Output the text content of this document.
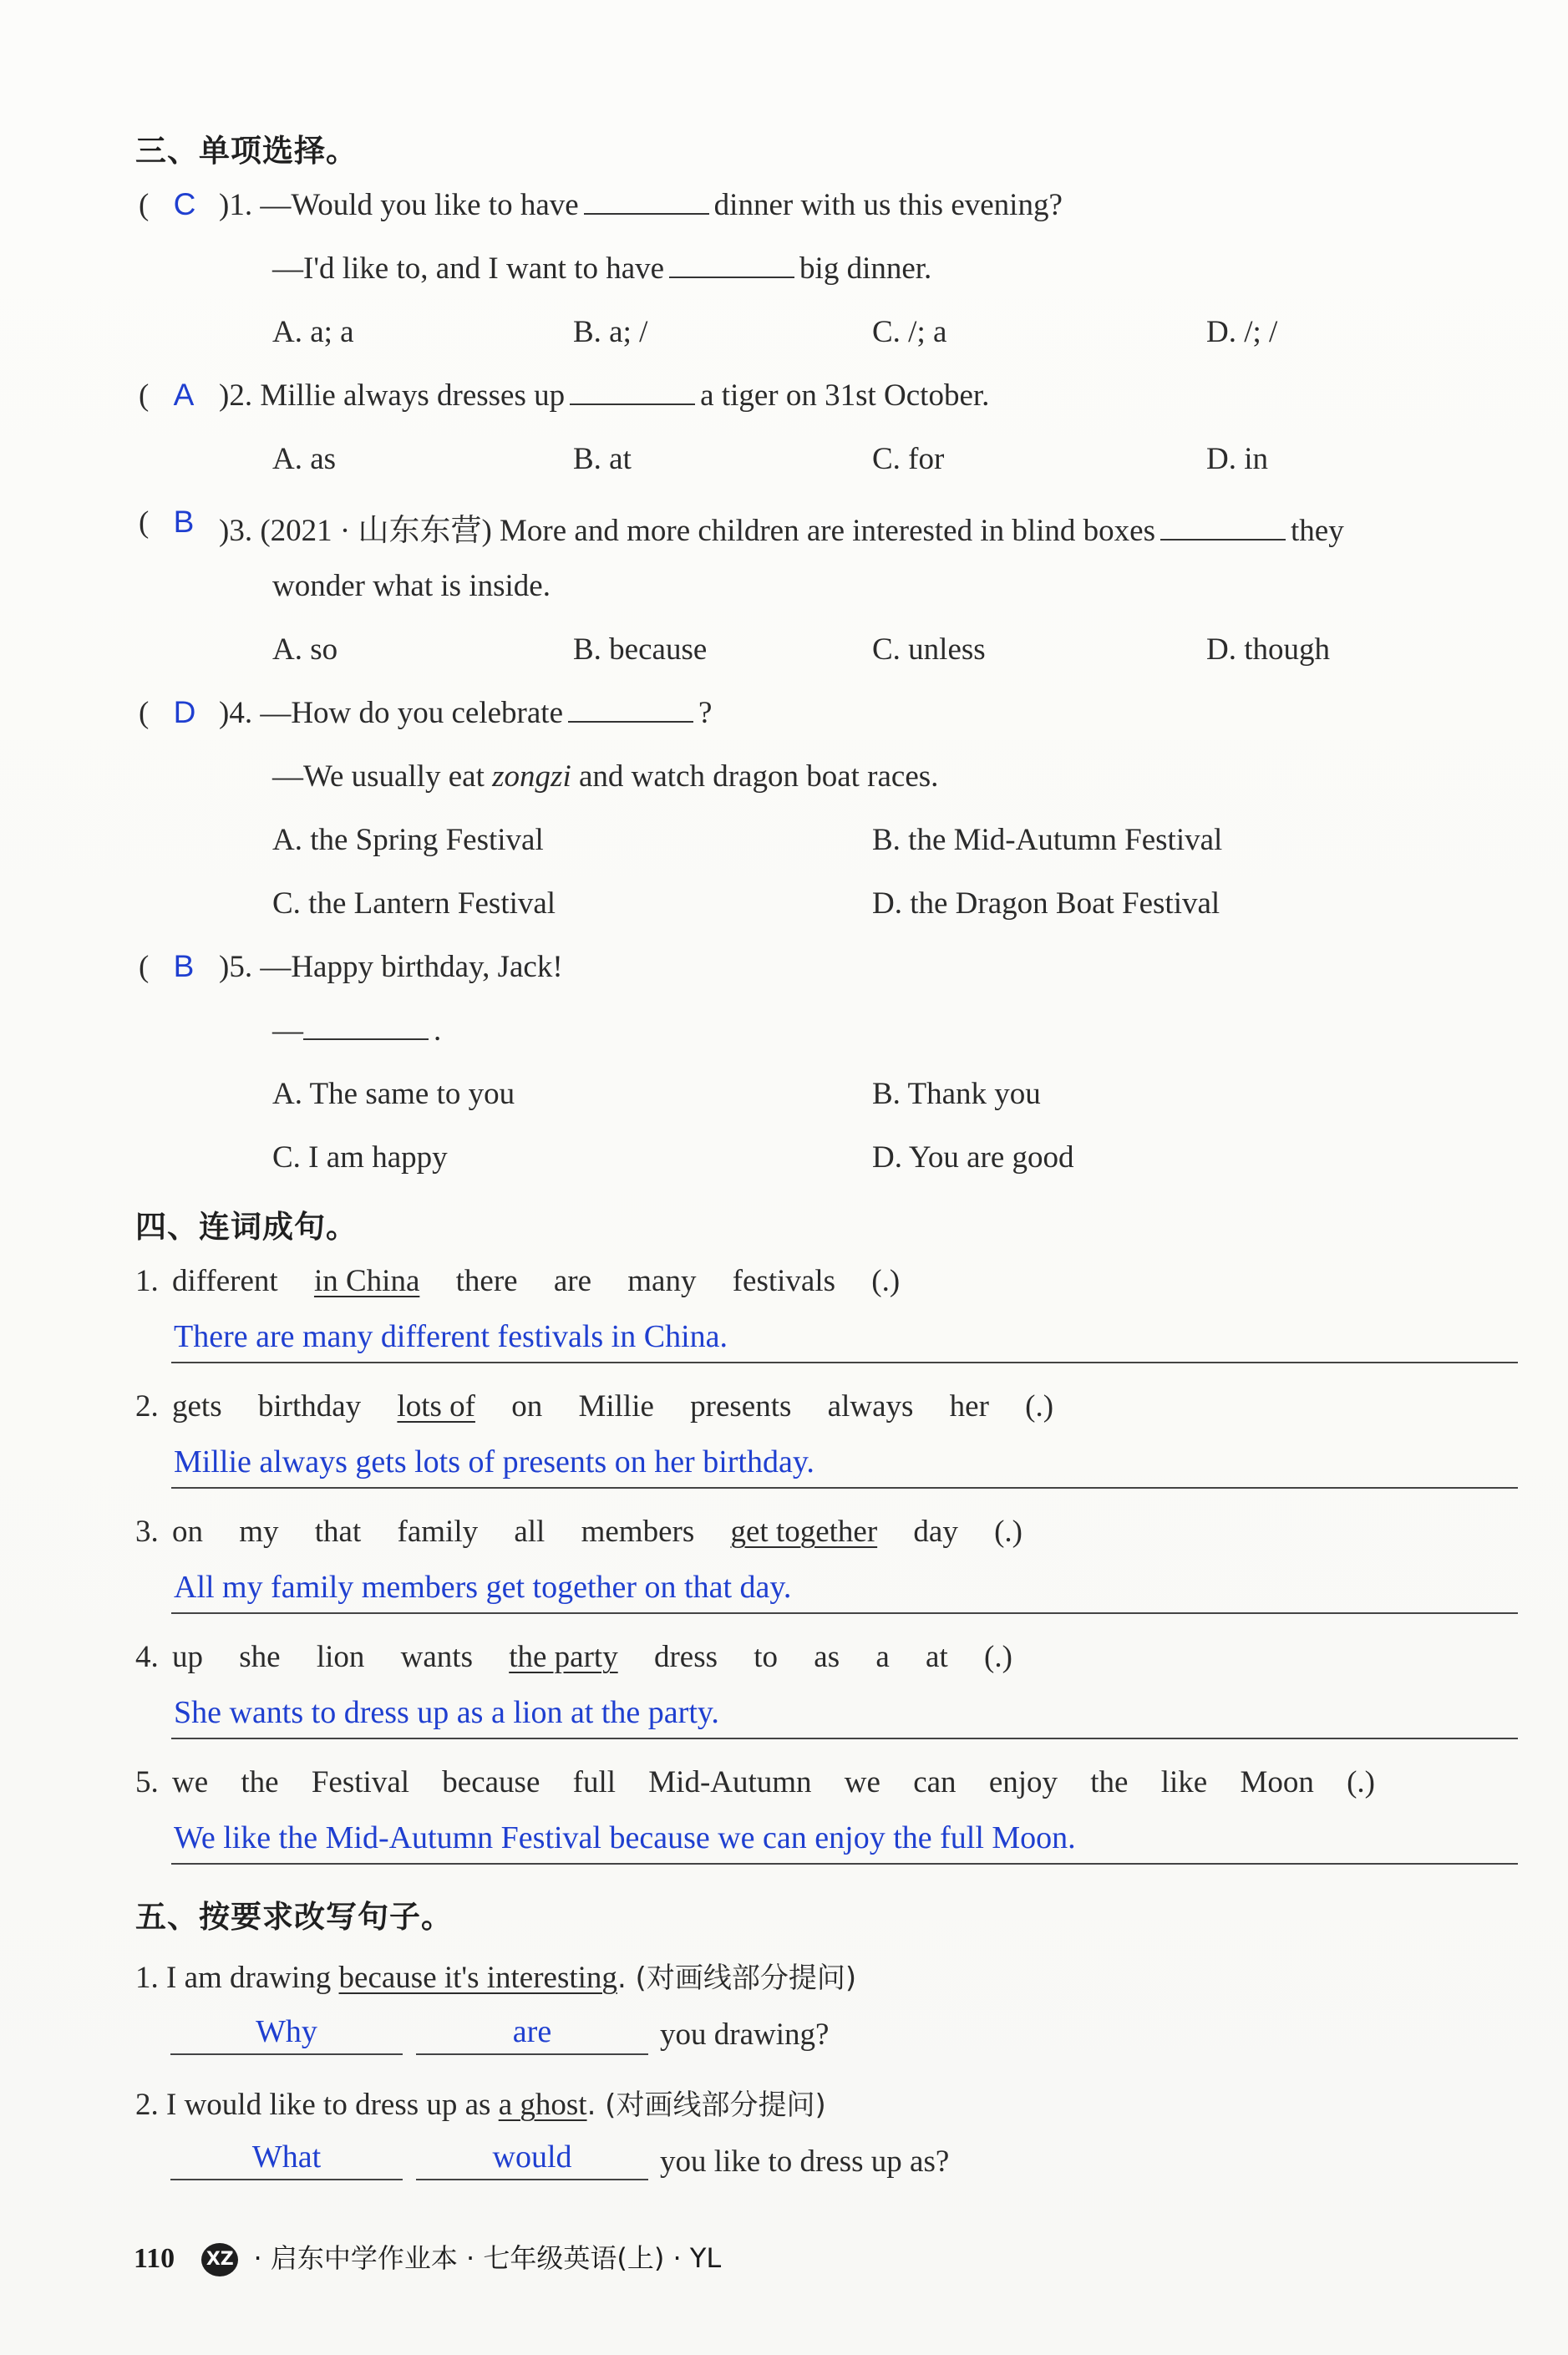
三、单项选择。
( C )1. —Would you like to have	dinner with us this evening?
—I'd like to, and I want to have	big dinner.
A. a; a	B. a; /	C. /; a	D. /; /
( A )2. Millie always dresses up	a tiger on 31st October.
A. as	B. at	C. for	D. in
( B )3. (2021 · 山东东营) More and more children are interested in blind boxes	they
wonder what is inside.
A. so	B. because	C. unless	D. though
( D )4. —How do you celebrate	?
—We usually eat zongzi and watch dragon boat races.
A. the Spring Festival	B. the Mid-Autumn Festival
C. the Lantern Festival	D. the Dragon Boat Festival
( B )5. —Happy birthday, Jack!
—	.
A. The same to you	B. Thank you
C. I am happy	D. You are good
四、连词成句。
1. different in China there are many festivals (.)
There are many different festivals in China.
2. gets birthday lots of on Millie presents always her (.)
Millie always gets lots of presents on her birthday.
3. on my that family all members get together day (.)
All my family members get together on that day.
4. up she lion wants the party dress to as a at (.)
She wants to dress up as a lion at the party.
5. we the Festival because full Mid-Autumn we can enjoy the like Moon (.)
We like the Mid-Autumn Festival because we can enjoy the full Moon.
五、按要求改写句子。
1. I am drawing because it's interesting. (对画线部分提问)
Why	are	you drawing?
2. I would like to dress up as a ghost. (对画线部分提问)
What	would	you like to dress up as?
110 XZ · 启东中学作业本 · 七年级英语(上) · YL
